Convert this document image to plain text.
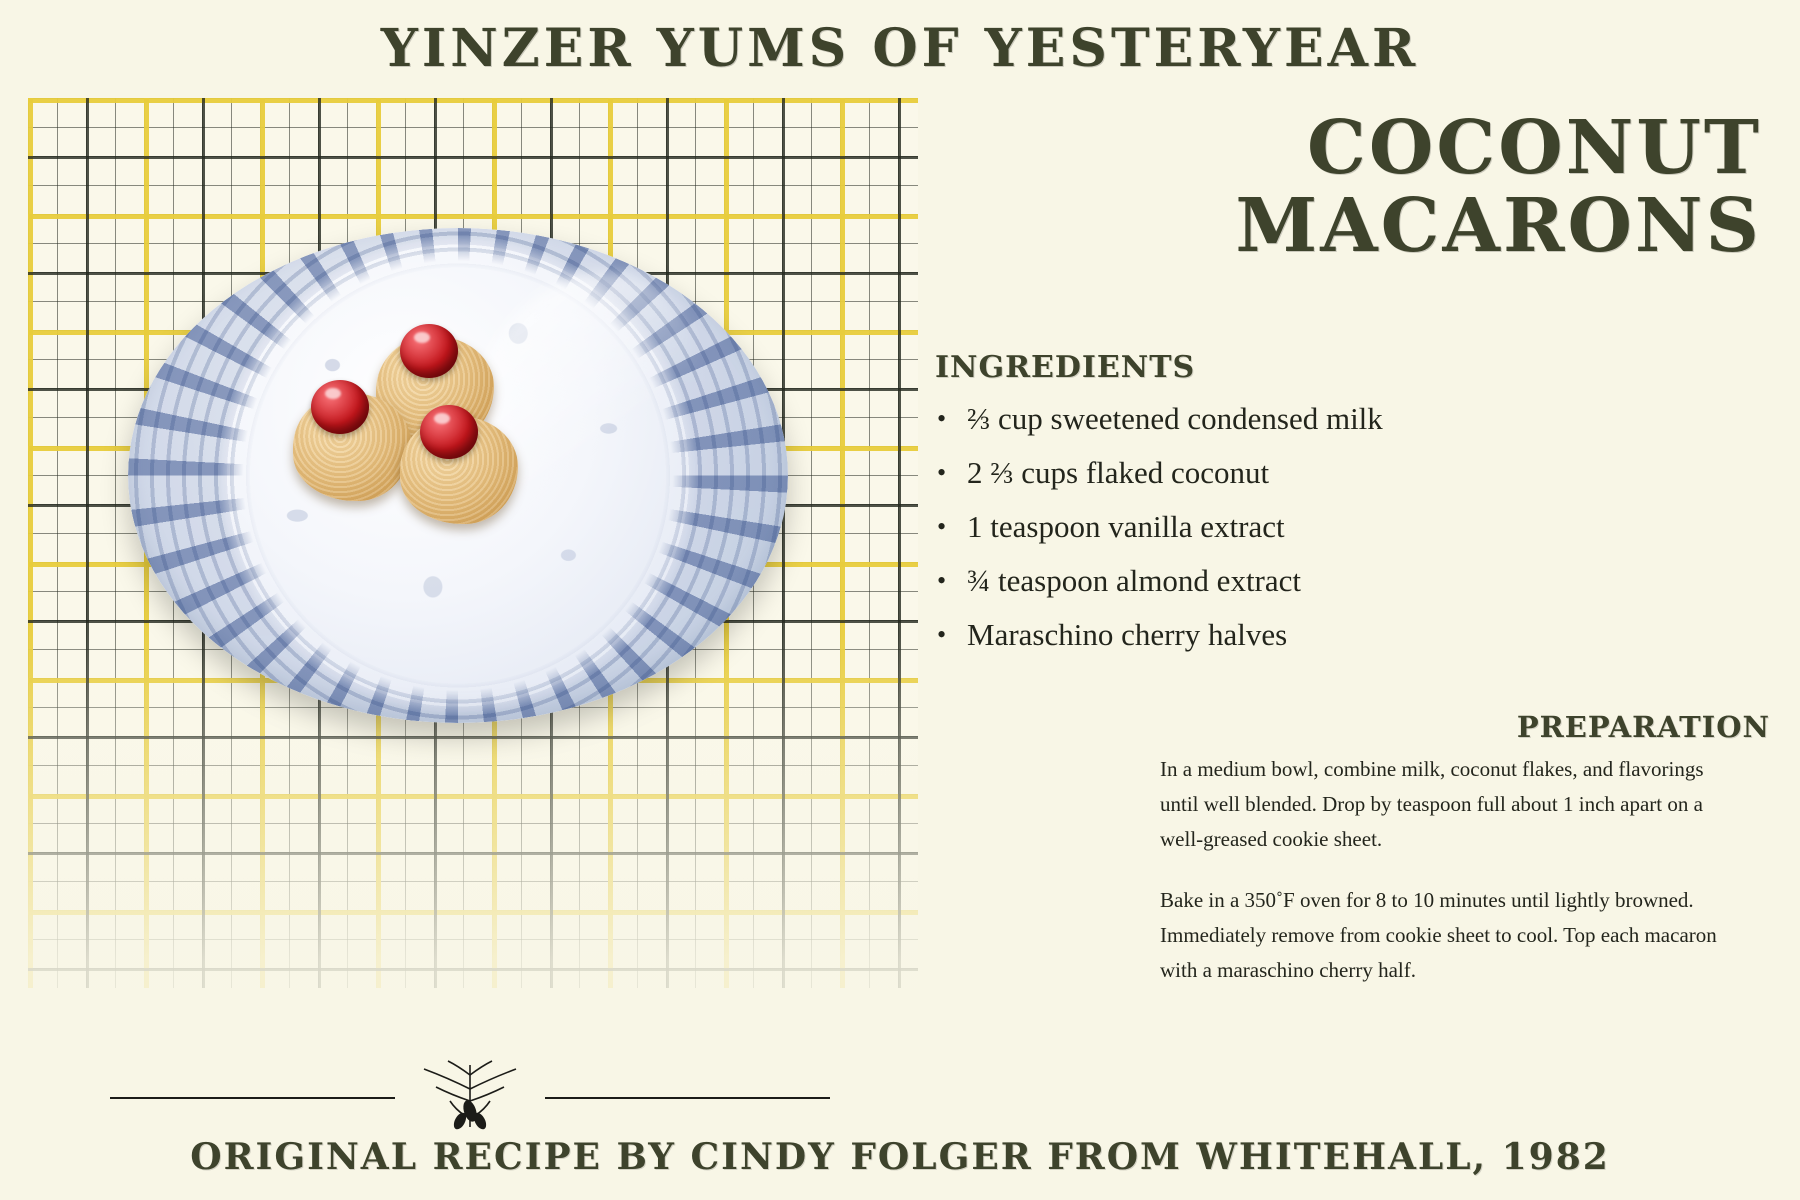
YINZER YUMS OF YESTERYEAR
COCONUT
MACARONS
INGREDIENTS
• ⅔ cup sweetened condensed milk
• 2 ⅔ cups flaked coconut
• 1 teaspoon vanilla extract
• ¾ teaspoon almond extract
• Maraschino cherry halves
PREPARATION

In a medium bowl, combine milk, coconut flakes, and flavorings until well blended. Drop by teaspoon full about 1 inch apart on a well-greased cookie sheet.

Bake in a 350˚F oven for 8 to 10 minutes until lightly browned. Immediately remove from cookie sheet to cool. Top each macaron with a maraschino cherry half.

ORIGINAL RECIPE BY CINDY FOLGER FROM WHITEHALL, 1982
